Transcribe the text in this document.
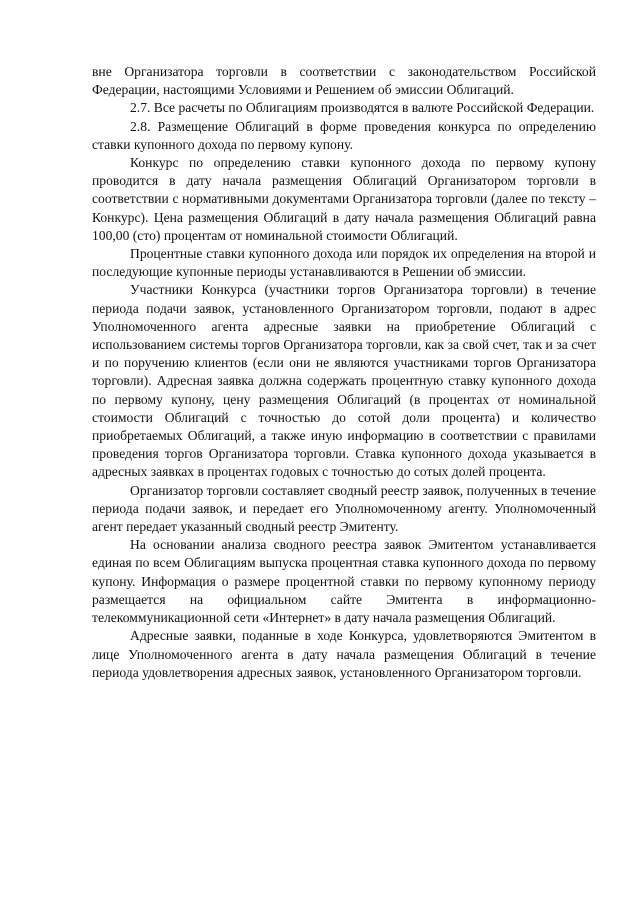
вне Организатора торговли в соответствии с законодательством Российской Федерации, настоящими Условиями и Решением об эмиссии Облигаций.

2.7. Все расчеты по Облигациям производятся в валюте Российской Федерации.

2.8. Размещение Облигаций в форме проведения конкурса по определению ставки купонного дохода по первому купону.

Конкурс по определению ставки купонного дохода по первому купону проводится в дату начала размещения Облигаций Организатором торговли в соответствии с нормативными документами Организатора торговли (далее по тексту – Конкурс). Цена размещения Облигаций в дату начала размещения Облигаций равна 100,00 (сто) процентам от номинальной стоимости Облигаций.

Процентные ставки купонного дохода или порядок их определения на второй и последующие купонные периоды устанавливаются в Решении об эмиссии.

Участники Конкурса (участники торгов Организатора торговли) в течение периода подачи заявок, установленного Организатором торговли, подают в адрес Уполномоченного агента адресные заявки на приобретение Облигаций с использованием системы торгов Организатора торговли, как за свой счет, так и за счет и по поручению клиентов (если они не являются участниками торгов Организатора торговли). Адресная заявка должна содержать процентную ставку купонного дохода по первому купону, цену размещения Облигаций (в процентах от номинальной стоимости Облигаций с точностью до сотой доли процента) и количество приобретаемых Облигаций, а также иную информацию в соответствии с правилами проведения торгов Организатора торговли. Ставка купонного дохода указывается в адресных заявках в процентах годовых с точностью до сотых долей процента.

Организатор торговли составляет сводный реестр заявок, полученных в течение периода подачи заявок, и передает его Уполномоченному агенту. Уполномоченный агент передает указанный сводный реестр Эмитенту.

На основании анализа сводного реестра заявок Эмитентом устанавливается единая по всем Облигациям выпуска процентная ставка купонного дохода по первому купону. Информация о размере процентной ставки по первому купонному периоду размещается на официальном сайте Эмитента в информационно-телекоммуникационной сети «Интернет» в дату начала размещения Облигаций.

Адресные заявки, поданные в ходе Конкурса, удовлетворяются Эмитентом в лице Уполномоченного агента в дату начала размещения Облигаций в течение периода удовлетворения адресных заявок, установленного Организатором торговли.
